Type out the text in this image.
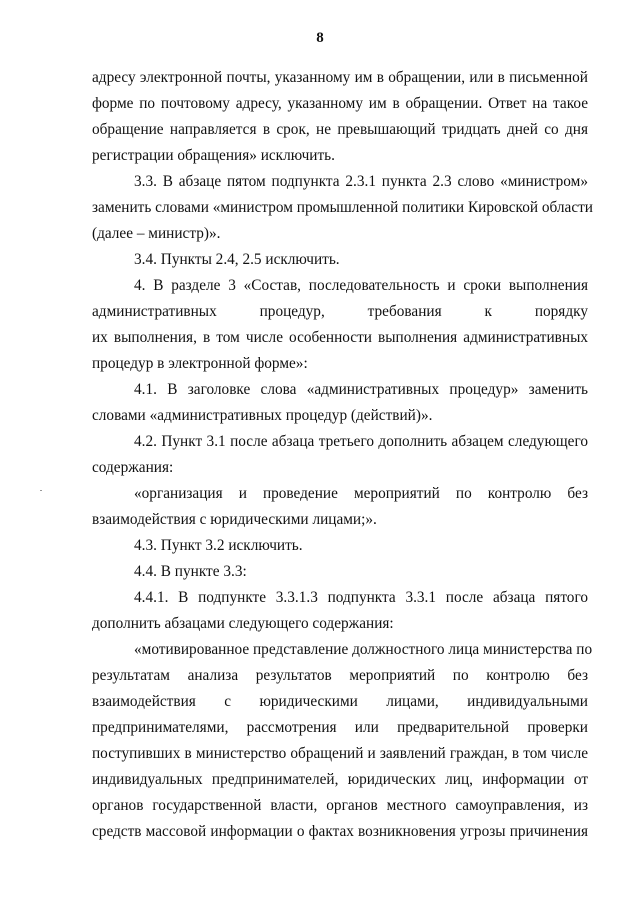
8
адресу электронной почты, указанному им в обращении, или в письменной
форме по почтовому адресу, указанному им в обращении. Ответ на такое
обращение направляется в срок, не превышающий тридцать дней со дня
регистрации обращения» исключить.
3.3. В абзаце пятом подпункта 2.3.1 пункта 2.3 слово «министром»
заменить словами «министром промышленной политики Кировской области
(далее – министр)».
3.4. Пункты 2.4, 2.5 исключить.
4. В разделе 3 «Состав, последовательность и сроки выполнения
административных процедур, требования к порядку
их выполнения, в том числе особенности выполнения административных
процедур в электронной форме»:
4.1. В заголовке слова «административных процедур» заменить
словами «административных процедур (действий)».
4.2. Пункт 3.1 после абзаца третьего дополнить абзацем следующего
содержания:
«организация и проведение мероприятий по контролю без
взаимодействия с юридическими лицами;».
4.3. Пункт 3.2 исключить.
4.4. В пункте 3.3:
4.4.1. В подпункте 3.3.1.3 подпункта 3.3.1 после абзаца пятого
дополнить абзацами следующего содержания:
«мотивированное представление должностного лица министерства по
результатам анализа результатов мероприятий по контролю без
взаимодействия с юридическими лицами, индивидуальными
предпринимателями, рассмотрения или предварительной проверки
поступивших в министерство обращений и заявлений граждан, в том числе
индивидуальных предпринимателей, юридических лиц, информации от
органов государственной власти, органов местного самоуправления, из
средств массовой информации о фактах возникновения угрозы причинения
